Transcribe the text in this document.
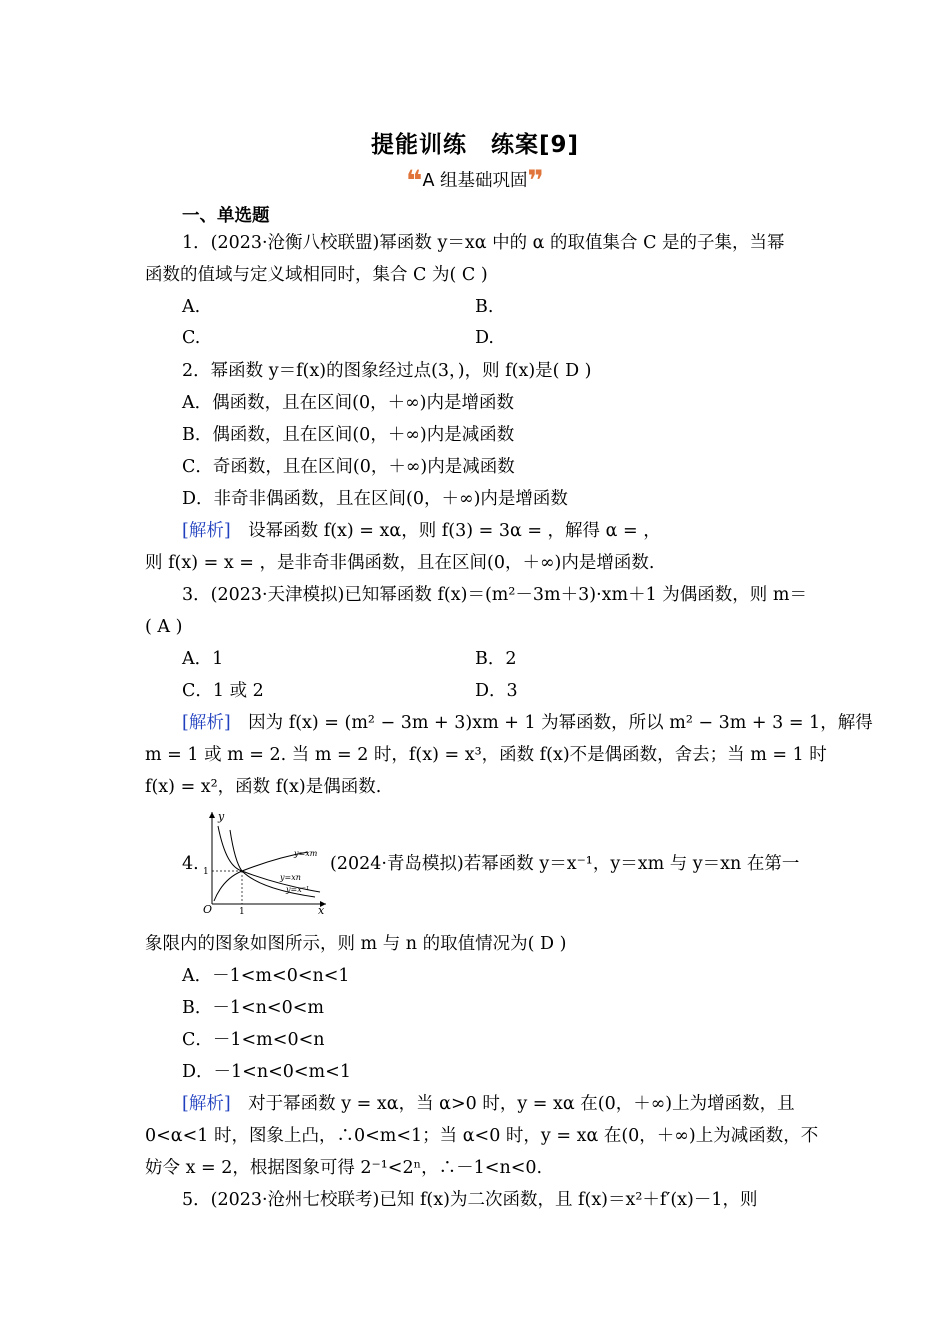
提能训练　练案[9]
❝A 组基础巩固❞
一、单选题
1．(2023·沧衡八校联盟)幂函数 y＝xα 中的 α 的取值集合 C 是的子集，当幂
函数的值域与定义域相同时，集合 C 为( C )
A.	B.
C.	D.
2．幂函数 y＝f(x)的图象经过点(3，)，则 f(x)是( D )
A．偶函数，且在区间(0，＋∞)内是增函数
B．偶函数，且在区间(0，＋∞)内是减函数
C．奇函数，且在区间(0，＋∞)内是减函数
D．非奇非偶函数，且在区间(0，＋∞)内是增函数
[解析]　 设幂函数 f(x) = xα，则 f(3) = 3α = ，解得 α = ，
则 f(x) = x = ，是非奇非偶函数，且在区间(0，＋∞)内是增函数.
3．(2023·天津模拟)已知幂函数 f(x)＝(m²－3m＋3)·xm＋1 为偶函数，则 m＝
( A )
A．1	B．2
C．1 或 2	D．3
[解析]　 因为 f(x) = (m² − 3m + 3)xm + 1 为幂函数，所以 m² − 3m + 3 = 1，解得
m = 1 或 m = 2. 当 m = 2 时，f(x) = x³，函数 f(x)不是偶函数，舍去；当 m = 1 时
f(x) = x²，函数 f(x)是偶函数.
4.
y
x
O	1
1
y=xm
y=xn
y=x⁻¹
(2024·青岛模拟)若幂函数 y＝x⁻¹，y＝xm 与 y＝xn 在第一
象限内的图象如图所示，则 m 与 n 的取值情况为( D )
A．－1<m<0<n<1
B．－1<n<0<m
C．－1<m<0<n
D．－1<n<0<m<1
[解析]　 对于幂函数 y = xα，当 α>0 时，y = xα 在(0，＋∞)上为增函数，且
0<α<1 时，图象上凸，∴0<m<1；当 α<0 时，y = xα 在(0，＋∞)上为减函数，不
妨令 x = 2，根据图象可得 2⁻¹<2ⁿ，∴－1<n<0.
5．(2023·沧州七校联考)已知 f(x)为二次函数，且 f(x)＝x²＋f′(x)－1，则
